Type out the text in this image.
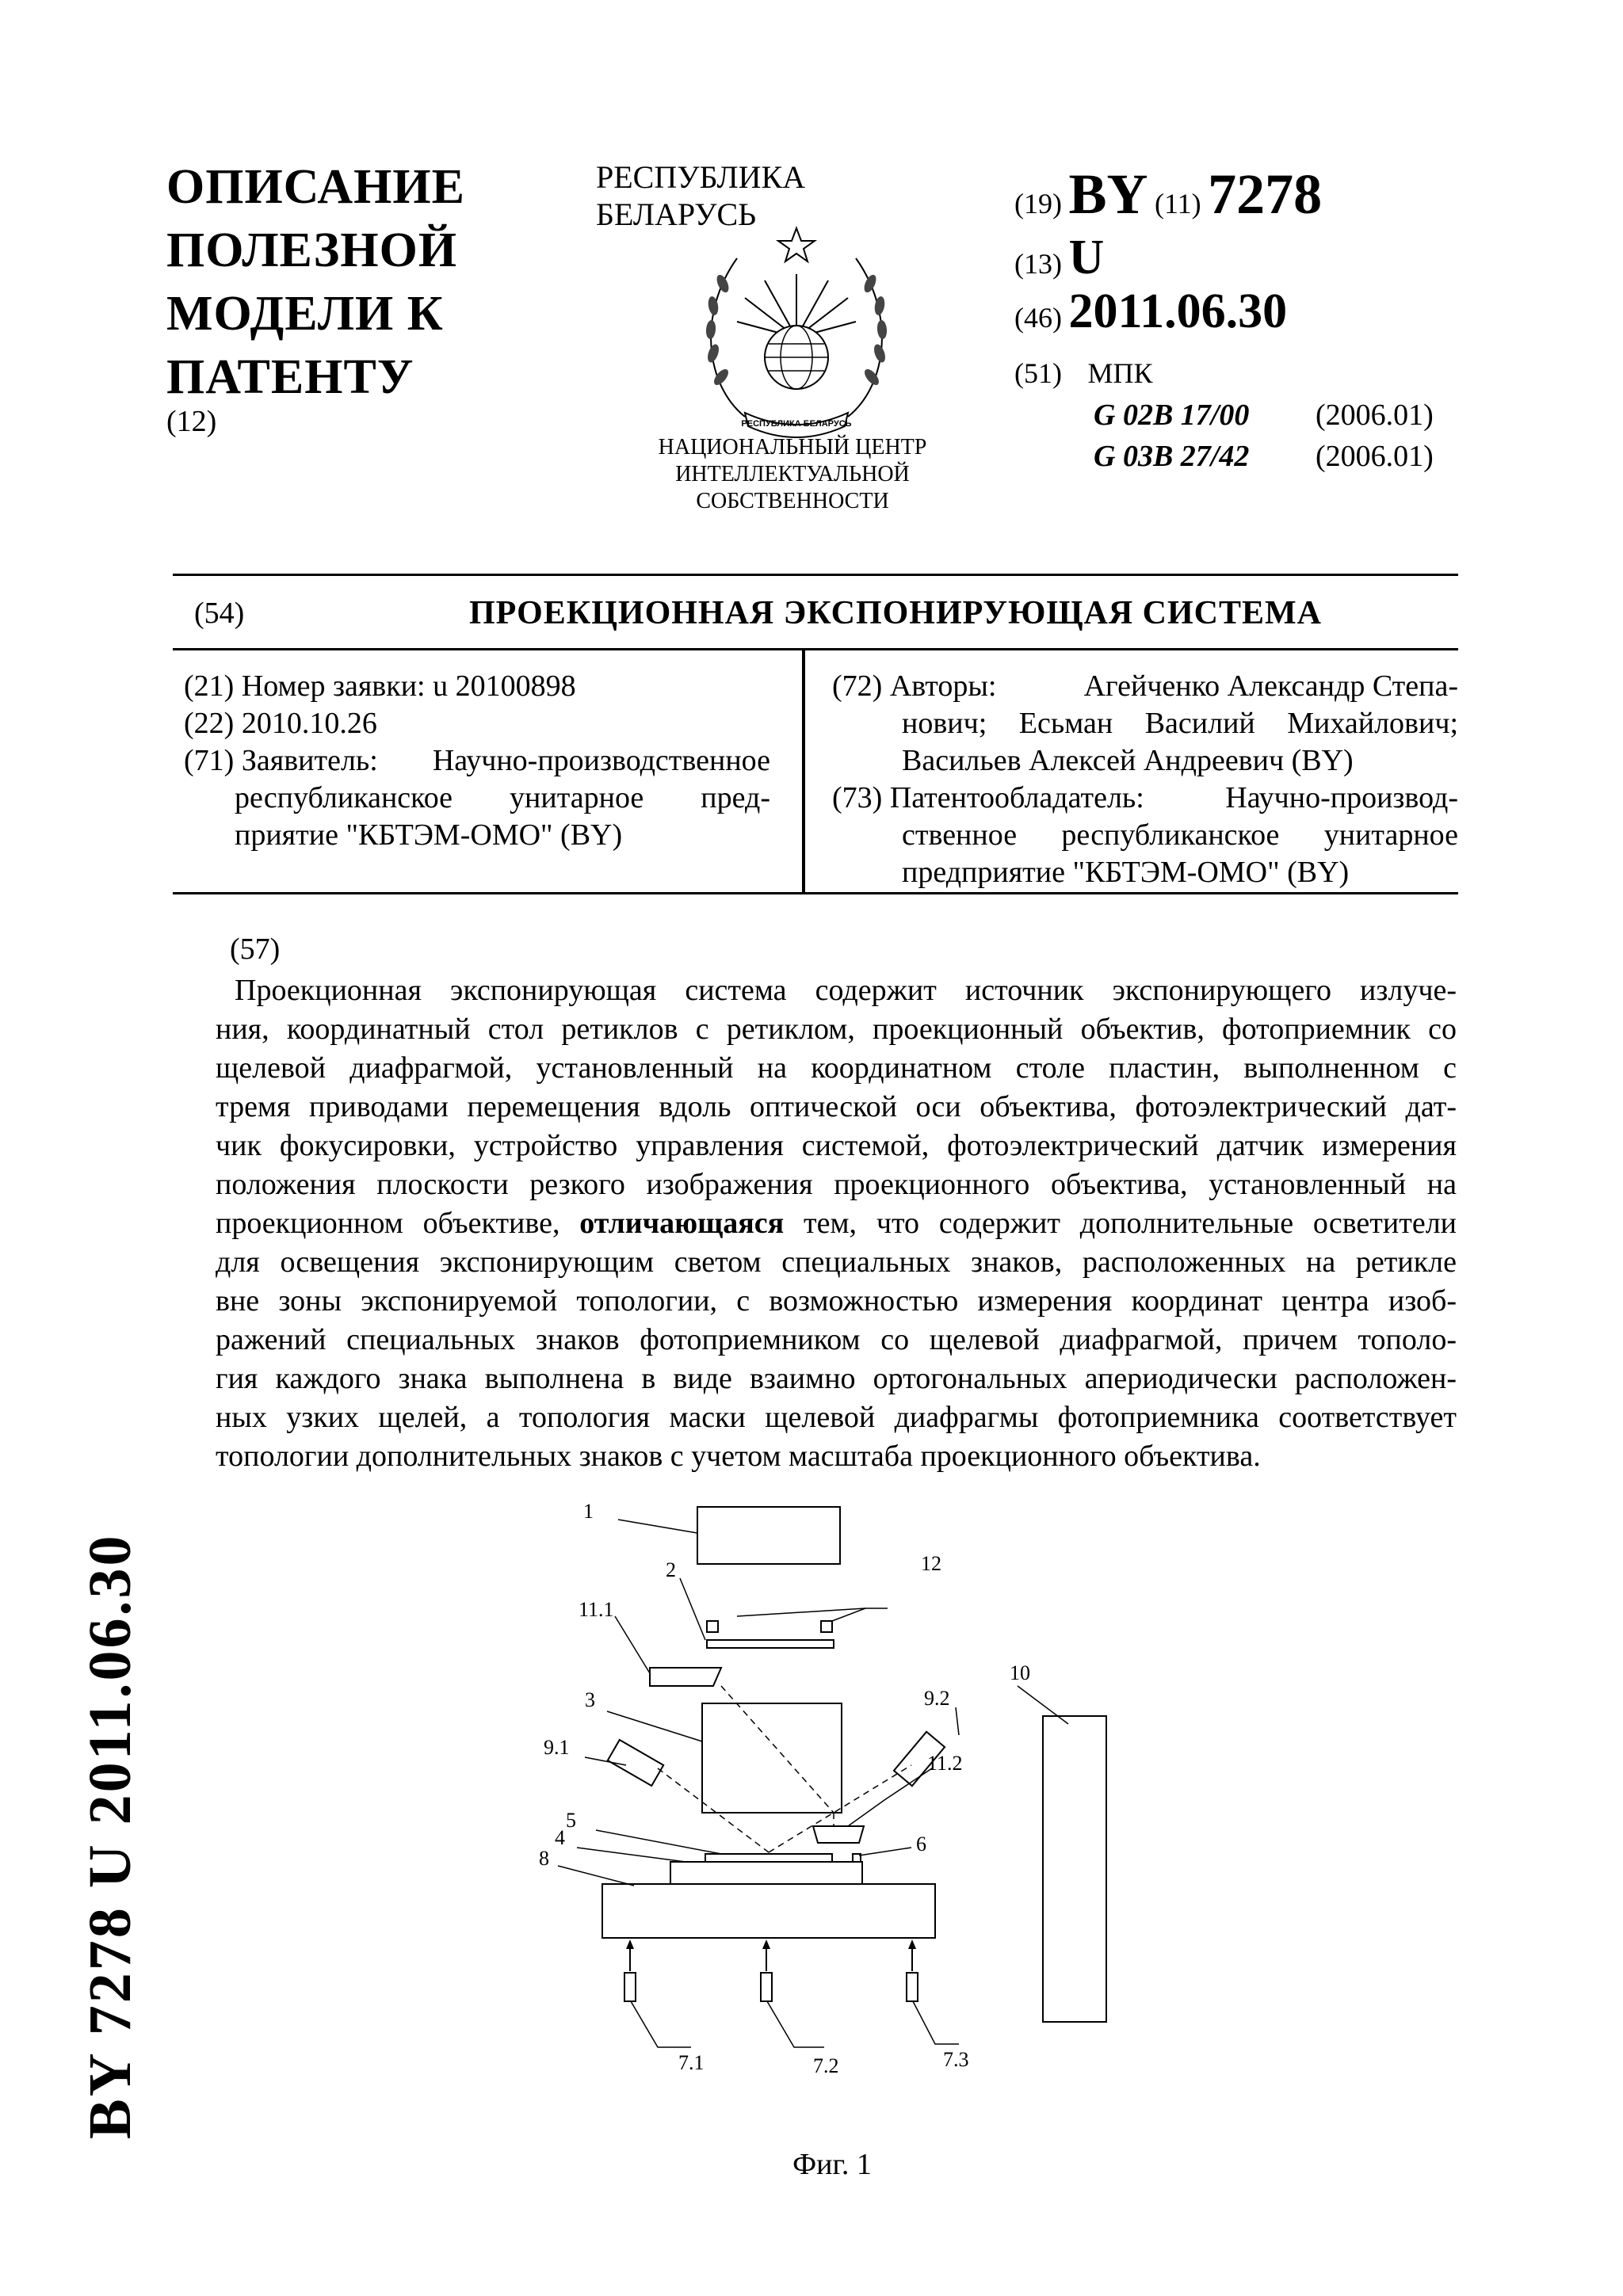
ОПИСАНИЕ
ПОЛЕЗНОЙ
МОДЕЛИ К
ПАТЕНТУ
(12)
РЕСПУБЛИКА БЕЛАРУСЬ
РЕСПУБЛИКА БЕЛАРУСЬ
НАЦИОНАЛЬНЫЙ ЦЕНТР
ИНТЕЛЛЕКТУАЛЬНОЙ
СОБСТВЕННОСТИ
(19) BY (11) 7278
(13) U
(46) 2011.06.30
(51) МПК
G 02B 17/00 (2006.01)
G 03B 27/42 (2006.01)
(54)	ПРОЕКЦИОННАЯ ЭКСПОНИРУЮЩАЯ СИСТЕМА
(21) Номер заявки: u 20100898
(22) 2010.10.26
(71) Заявитель: Научно-производственное
республиканское унитарное пред-
приятие "КБТЭМ-ОМО" (BY)
(72) Авторы:	Агейченко Александр Степа-
нович; Есьман Василий Михайлович;
Васильев Алексей Андреевич (BY)
(73) Патентообладатель:	Научно-производ-
ственное республиканское унитарное
предприятие "КБТЭМ-ОМО" (BY)
(57)
Проекционная экспонирующая система содержит источник экспонирующего излуче-
ния, координатный стол ретиклов с ретиклом, проекционный объектив, фотоприемник со
щелевой диафрагмой, установленный на координатном столе пластин, выполненном с
тремя приводами перемещения вдоль оптической оси объектива, фотоэлектрический дат-
чик фокусировки, устройство управления системой, фотоэлектрический датчик измерения
положения плоскости резкого изображения проекционного объектива, установленный на
проекционном объективе, отличающаяся тем, что содержит дополнительные осветители
для освещения экспонирующим светом специальных знаков, расположенных на ретикле
вне зоны экспонируемой топологии, с возможностью измерения координат центра изоб-
ражений специальных знаков фотоприемником со щелевой диафрагмой, причем тополо-
гия каждого знака выполнена в виде взаимно ортогональных апериодически расположен-
ных узких щелей, а топология маски щелевой диафрагмы фотоприемника соответствует
топологии дополнительных знаков с учетом масштаба проекционного объектива.
1
2	12
10
11.1
3	9.2
9.1
11.2
5
6
4
8
7.1	7.2	7.3
Фиг. 1
BY 7278 U 2011.06.30
